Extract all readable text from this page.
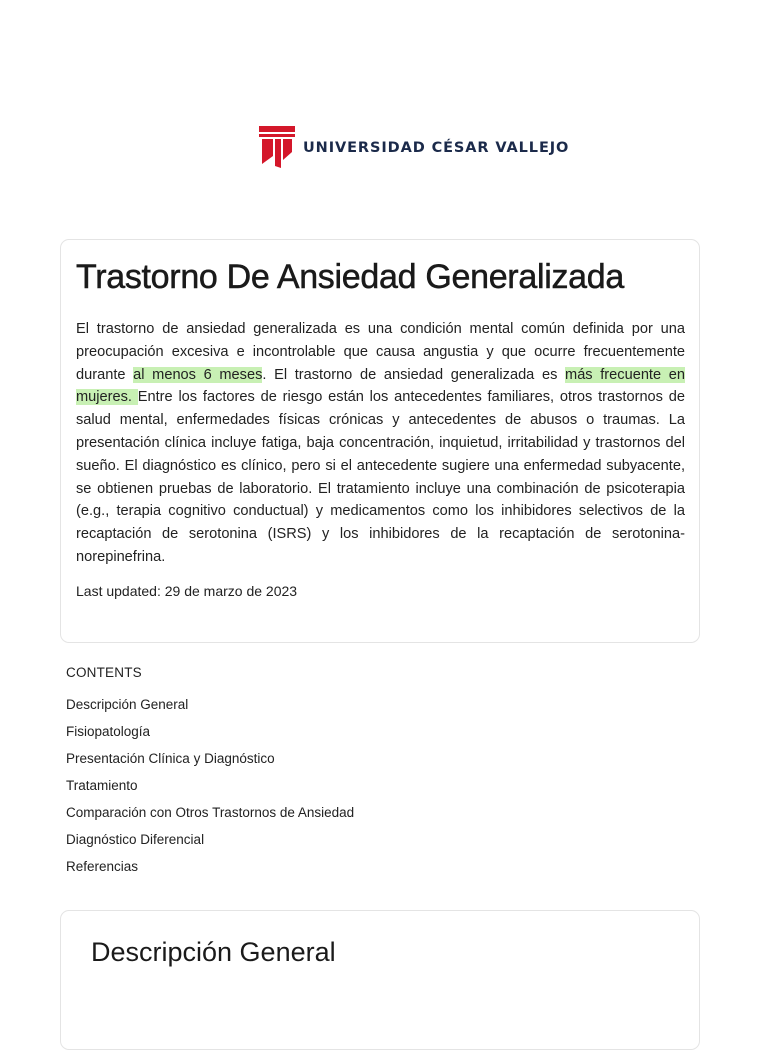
UNIVERSIDAD CÉSAR VALLEJO
Trastorno De Ansiedad Generalizada

El trastorno de ansiedad generalizada es una condición mental común definida por una preocupación excesiva e incontrolable que causa angustia y que ocurre frecuentemente durante al menos 6 meses. El trastorno de ansiedad generalizada es más frecuente en mujeres. Entre los factores de riesgo están los antecedentes familiares, otros trastornos de salud mental, enfermedades físicas crónicas y antecedentes de abusos o traumas. La presentación clínica incluye fatiga, baja concentración, inquietud, irritabilidad y trastornos del sueño. El diagnóstico es clínico, pero si el antecedente sugiere una enfermedad subyacente, se obtienen pruebas de laboratorio. El tratamiento incluye una combinación de psicoterapia (e.g., terapia cognitivo conductual) y medicamentos como los inhibidores selectivos de la recaptación de serotonina (ISRS) y los inhibidores de la recaptación de serotonina-norepinefrina.

Last updated: 29 de marzo de 2023
CONTENTS
Descripción General
Fisiopatología
Presentación Clínica y Diagnóstico
Tratamiento
Comparación con Otros Trastornos de Ansiedad
Diagnóstico Diferencial
Referencias
Descripción General
